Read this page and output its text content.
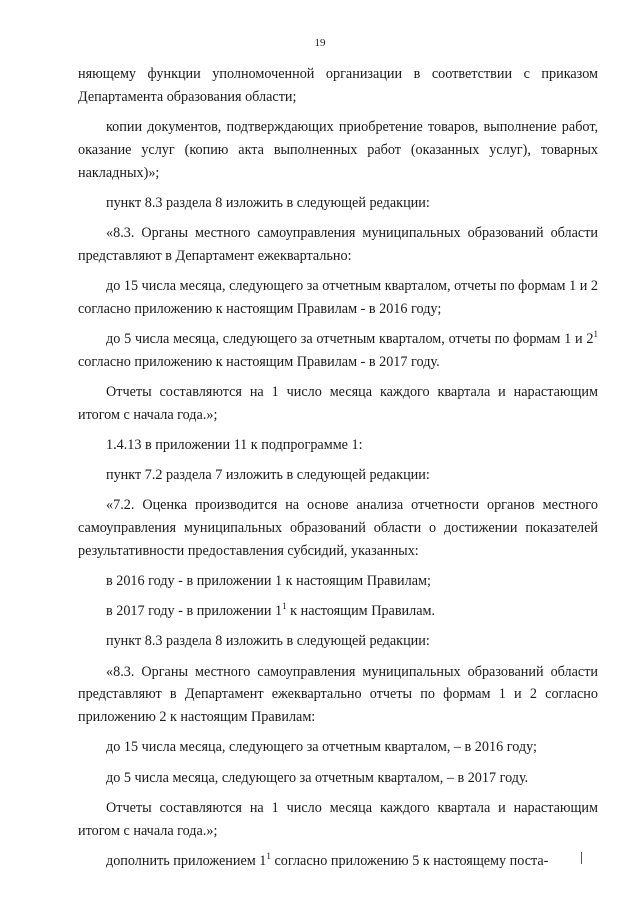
19

няющему функции уполномоченной организации в соответствии с приказом Департамента образования области;

копии документов, подтверждающих приобретение товаров, выполнение работ, оказание услуг (копию акта выполненных работ (оказанных услуг), товарных накладных)»;

пункт 8.3 раздела 8 изложить в следующей редакции:

«8.3. Органы местного самоуправления муниципальных образований области представляют в Департамент ежеквартально:

до 15 числа месяца, следующего за отчетным кварталом, отчеты по формам 1 и 2 согласно приложению к настоящим Правилам - в 2016 году;

до 5 числа месяца, следующего за отчетным кварталом, отчеты по формам 1 и $2^1$ согласно приложению к настоящим Правилам - в 2017 году.

Отчеты составляются на 1 число месяца каждого квартала и нарастающим итогом с начала года.»;

1.4.13 в приложении 11 к подпрограмме 1:

пункт 7.2 раздела 7 изложить в следующей редакции:

«7.2. Оценка производится на основе анализа отчетности органов местного самоуправления муниципальных образований области о достижении показателей результативности предоставления субсидий, указанных:

в 2016 году - в приложении 1 к настоящим Правилам;

в 2017 году - в приложении $1^1$ к настоящим Правилам.

пункт 8.3 раздела 8 изложить в следующей редакции:

«8.3. Органы местного самоуправления муниципальных образований области представляют в Департамент ежеквартально отчеты по формам 1 и 2 согласно приложению 2 к настоящим Правилам:

до 15 числа месяца, следующего за отчетным кварталом, – в 2016 году;

до 5 числа месяца, следующего за отчетным кварталом, – в 2017 году.

Отчеты составляются на 1 число месяца каждого квартала и нарастающим итогом с начала года.»;

дополнить приложением $1^1$ согласно приложению 5 к настоящему поста-
